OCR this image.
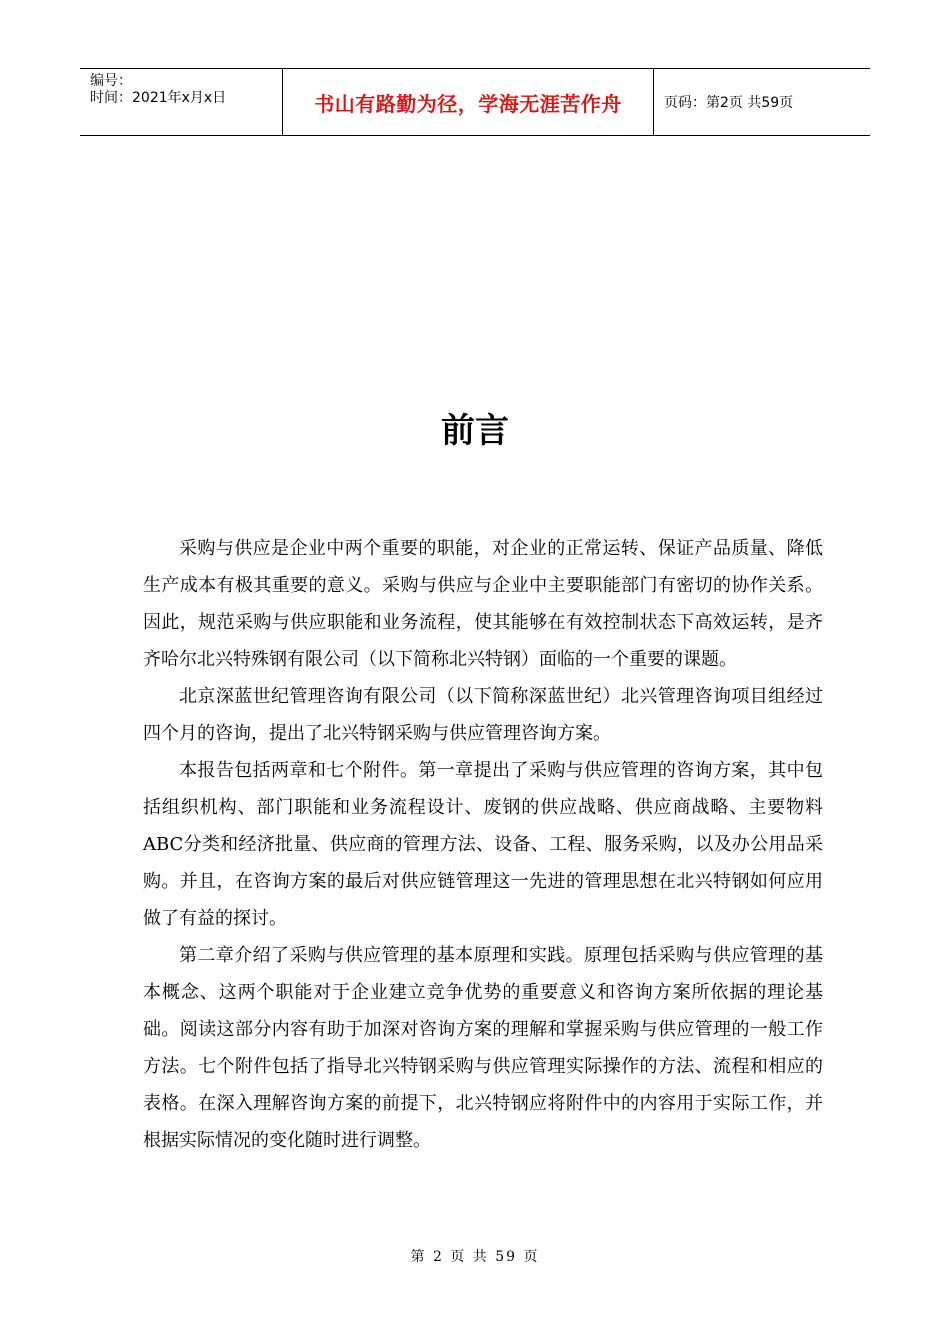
编号：
时间：2021年x月x日	书山有路勤为径，学海无涯苦作舟	页码：第2页 共59页
前言

采购与供应是企业中两个重要的职能，对企业的正常运转、保证产品质量、降低生产成本有极其重要的意义。采购与供应与企业中主要职能部门有密切的协作关系。因此，规范采购与供应职能和业务流程，使其能够在有效控制状态下高效运转，是齐齐哈尔北兴特殊钢有限公司（以下简称北兴特钢）面临的一个重要的课题。

北京深蓝世纪管理咨询有限公司（以下简称深蓝世纪）北兴管理咨询项目组经过四个月的咨询，提出了北兴特钢采购与供应管理咨询方案。

本报告包括两章和七个附件。第一章提出了采购与供应管理的咨询方案，其中包括组织机构、部门职能和业务流程设计、废钢的供应战略、供应商战略、主要物料ABC分类和经济批量、供应商的管理方法、设备、工程、服务采购，以及办公用品采购。并且，在咨询方案的最后对供应链管理这一先进的管理思想在北兴特钢如何应用做了有益的探讨。

第二章介绍了采购与供应管理的基本原理和实践。原理包括采购与供应管理的基本概念、这两个职能对于企业建立竞争优势的重要意义和咨询方案所依据的理论基础。阅读这部分内容有助于加深对咨询方案的理解和掌握采购与供应管理的一般工作方法。七个附件包括了指导北兴特钢采购与供应管理实际操作的方法、流程和相应的表格。在深入理解咨询方案的前提下，北兴特钢应将附件中的内容用于实际工作，并根据实际情况的变化随时进行调整。

第 2 页 共 59 页
